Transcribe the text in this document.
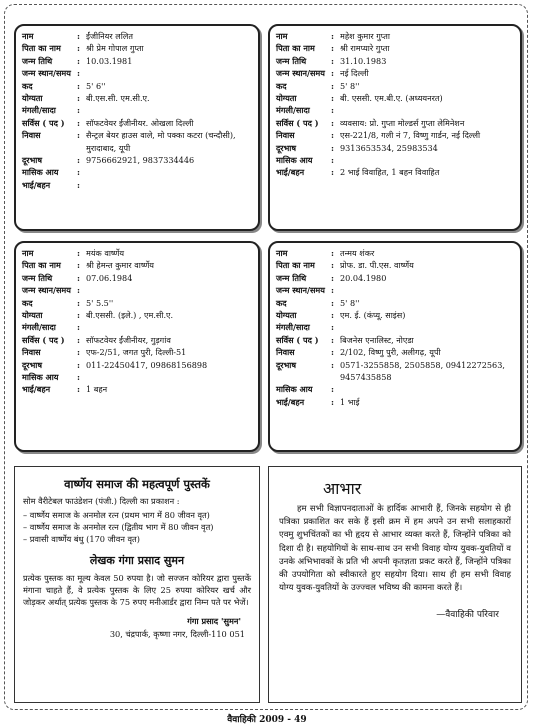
नाम	: ईंजीनियर ललित
पिता का नाम	: श्री प्रेम गोपाल गुप्ता
जन्म तिथि	: 10.03.1981
जन्म स्थान/समय :
कद	: 5' 6''
योग्यता	: बी.एस.सी. एम.सी.ए.
मंगली/सादा	:
सर्विस ( पद )	: सॉफटवेयर ईंजीनीयर. ओखला दिल्ली
निवास	: सैन्ट्रल बेयर हाउस वाले, मो पक्का कटरा (चन्दौसी), मुरादाबाद, यूपी
दूरभाष	: 9756662921, 9837334446
मासिक आय	:
भाई/बहन	:
नाम	: महेश कुमार गुप्ता
पिता का नाम	: श्री रामप्यारे गुप्ता
जन्म तिथि	: 31.10.1983
जन्म स्थान/समय : नई दिल्ली
कद	: 5' 8''
योग्यता	: बी. एससी. एम.बी.ए. (अध्ययनरत)
मंगली/सादा	:
सर्विस ( पद )	: व्यवसाय: प्रो. गुप्ता मोल्डर्स गुप्ता लेमिनेशन
निवास	: एस-221/8, गली नं 7, विष्णु गार्डन, नई दिल्ली
दूरभाष	: 9313653534, 25983534
मासिक आय	:
भाई/बहन	: 2 भाई विवाहित, 1 बहन विवाहित
नाम	: मयंक वार्ष्णेय
पिता का नाम	: श्री हेमन्त कुमार वार्ष्णेय
जन्म तिथि	: 07.06.1984
जन्म स्थान/समय :
कद	: 5' 5.5''
योग्यता	: बी.एससी. (इले.) , एम.सी.ए.
मंगली/सादा	:
सर्विस ( पद )	: सॉफटवेयर ईंजीनीयर, गुड़गांव
निवास	: एफ-2/51, जगत पुरी, दिल्ली-51
दूरभाष	: 011-22450417, 09868156898
मासिक आय	:
भाई/बहन	: 1 बहन
नाम	: तन्मय शंकर
पिता का नाम	: प्रोफ. डा. पी.एस. वार्ष्णेय
जन्म तिथि	: 20.04.1980
जन्म स्थान/समय :
कद	: 5' 8''
योग्यता	: एम. ई. (कंप्यू. साइंस)
मंगली/सादा	:
सर्विस ( पद )	: बिजनेस एनालिस्ट, नोएडा
निवास	: 2/102, विष्णु पुरी, अलीगढ़, यूपी
दूरभाष	: 0571-3255858, 2505858, 09412272563, 9457435858
मासिक आय	:
भाई/बहन	: 1 भाई
वार्ष्णेय समाज की महत्वपूर्ण पुस्तकें
सोम वैरीटेबल फाउंडेशन (पंजी.) दिल्ली का प्रकाशन :
– वार्ष्णेय समाज के अनमोल रत्न (प्रथम भाग में 80 जीवन वृत)
– वार्ष्णेय समाज के अनमोल रत्न (द्वितीय भाग में 80 जीवन वृत)
– प्रवासी वार्ष्णेय बंधु (170 जीवन वृत)
लेखक गंगा प्रसाद सुमन

प्रत्येक पुस्तक का मूल्य केवल 50 रुपया है। जो सज्जन कोरियर द्वारा पुस्तकें मंगाना चाहते हैं, वे प्रत्येक पुस्तक के लिए 25 रुपया कोरियर खर्च और जोड़कर अर्थात् प्रत्येक पुस्तक के 75 रुपए मनीआर्डर द्वारा निम्न पते पर भेजें।

गंगा प्रसाद 'सुमन'
30, चंद्रपार्क, कृष्णा नगर, दिल्ली-110 051
आभार

हम सभी विज्ञापनदाताओं के हार्दिक आभारी हैं, जिनके सहयोग से ही पत्रिका प्रकाशित कर सके हैं इसी क्रम में हम अपने उन सभी सलाहकारों एवमु शुभचिंतकों का भी हृदय से आभार व्यक्त करते हैं, जिन्होंने पत्रिका को दिशा दी है। सहयोगियों के साथ-साथ उन सभी विवाह योग्य युवक-युवतियों व उनके अभिभावकों के प्रति भी अपनी कृतज्ञता प्रकट करते हैं, जिन्होंने पत्रिका की उपयोगिता को स्वीकारते हुए सहयोग दिया। साथ ही हम सभी विवाह योग्य युवक-युवतियों के उज्ज्वल भविष्य की कामना करते हैं।

—वैवाहिकी परिवार
वैवाहिकी 2009 - 49
